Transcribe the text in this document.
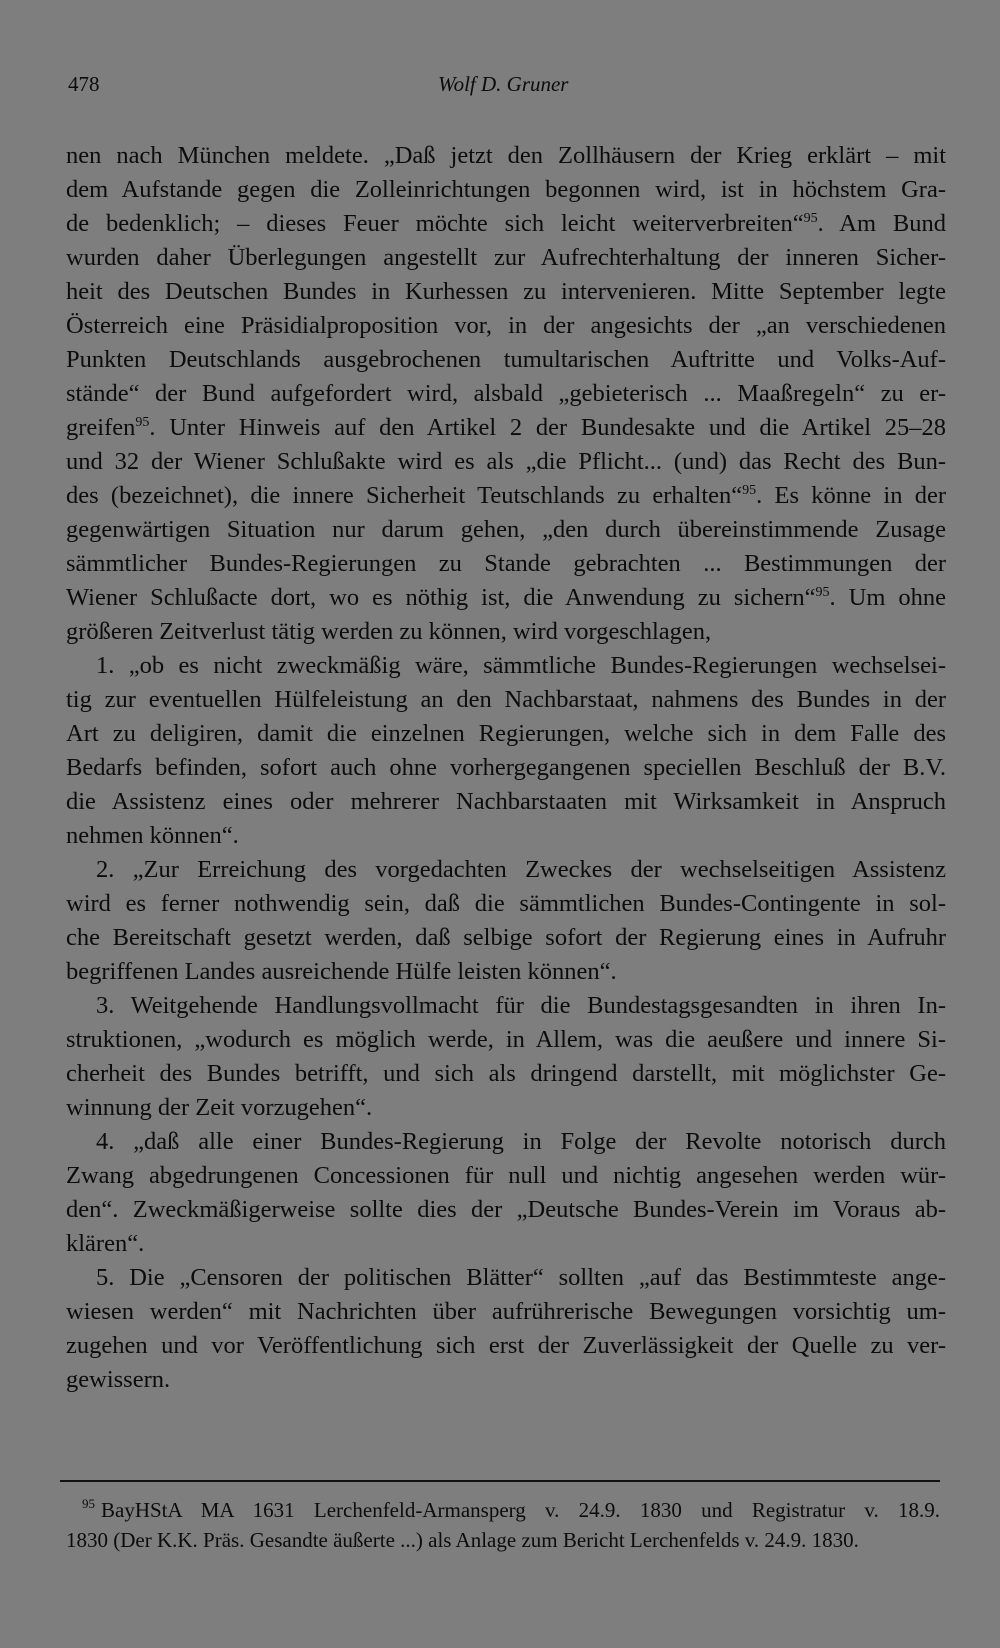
478	Wolf D. Gruner
nen nach München meldete. „Daß jetzt den Zollhäusern der Krieg erklärt – mit
dem Aufstande gegen die Zolleinrichtungen begonnen wird, ist in höchstem Gra-
de bedenklich; – dieses Feuer möchte sich leicht weiterverbreiten“$^{95}$. Am Bund
wurden daher Überlegungen angestellt zur Aufrechterhaltung der inneren Sicher-
heit des Deutschen Bundes in Kurhessen zu intervenieren. Mitte September legte
Österreich eine Präsidialproposition vor, in der angesichts der „an verschiedenen
Punkten Deutschlands ausgebrochenen tumultarischen Auftritte und Volks-Auf-
stände“ der Bund aufgefordert wird, alsbald „gebieterisch ... Maaßregeln“ zu er-
greifen$^{95}$. Unter Hinweis auf den Artikel 2 der Bundesakte und die Artikel 25–28
und 32 der Wiener Schlußakte wird es als „die Pflicht... (und) das Recht des Bun-
des (bezeichnet), die innere Sicherheit Teutschlands zu erhalten“$^{95}$. Es könne in der
gegenwärtigen Situation nur darum gehen, „den durch übereinstimmende Zusage
sämmtlicher Bundes-Regierungen zu Stande gebrachten ... Bestimmungen der
Wiener Schlußacte dort, wo es nöthig ist, die Anwendung zu sichern“$^{95}$. Um ohne
größeren Zeitverlust tätig werden zu können, wird vorgeschlagen,
1. „ob es nicht zweckmäßig wäre, sämmtliche Bundes-Regierungen wechselsei-
tig zur eventuellen Hülfeleistung an den Nachbarstaat, nahmens des Bundes in der
Art zu deligiren, damit die einzelnen Regierungen, welche sich in dem Falle des
Bedarfs befinden, sofort auch ohne vorhergegangenen speciellen Beschluß der B.V.
die Assistenz eines oder mehrerer Nachbarstaaten mit Wirksamkeit in Anspruch
nehmen können“.
2. „Zur Erreichung des vorgedachten Zweckes der wechselseitigen Assistenz
wird es ferner nothwendig sein, daß die sämmtlichen Bundes-Contingente in sol-
che Bereitschaft gesetzt werden, daß selbige sofort der Regierung eines in Aufruhr
begriffenen Landes ausreichende Hülfe leisten können“.
3. Weitgehende Handlungsvollmacht für die Bundestagsgesandten in ihren In-
struktionen, „wodurch es möglich werde, in Allem, was die aeußere und innere Si-
cherheit des Bundes betrifft, und sich als dringend darstellt, mit möglichster Ge-
winnung der Zeit vorzugehen“.
4. „daß alle einer Bundes-Regierung in Folge der Revolte notorisch durch
Zwang abgedrungenen Concessionen für null und nichtig angesehen werden wür-
den“. Zweckmäßigerweise sollte dies der „Deutsche Bundes-Verein im Voraus ab-
klären“.
5. Die „Censoren der politischen Blätter“ sollten „auf das Bestimmteste ange-
wiesen werden“ mit Nachrichten über aufrührerische Bewegungen vorsichtig um-
zugehen und vor Veröffentlichung sich erst der Zuverlässigkeit der Quelle zu ver-
gewissern.
$^{95}$ BayHStA MA 1631 Lerchenfeld-Armansperg v. 24.9. 1830 und Registratur v. 18.9.
1830 (Der K.K. Präs. Gesandte äußerte ...) als Anlage zum Bericht Lerchenfelds v. 24.9. 1830.
